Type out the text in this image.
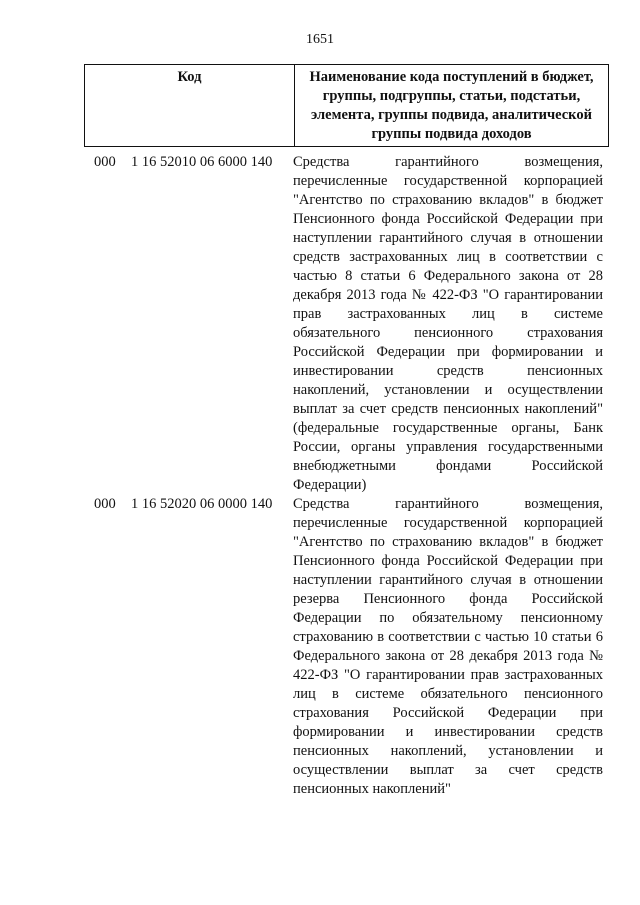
1651
Код	Наименование кода поступлений в бюджет, группы, подгруппы, статьи, подстатьи, элемента, группы подвида, аналитической группы подвида доходов
000 1 16 52010 06 6000 140 Средства гарантийного возмещения, перечисленные государственной корпорацией "Агентство по страхованию вкладов" в бюджет Пенсионного фонда Российской Федерации при наступлении гарантийного случая в отношении средств застрахованных лиц в соответствии с частью 8 статьи 6 Федерального закона от 28 декабря 2013 года № 422-ФЗ "О гарантировании прав застрахованных лиц в системе обязательного пенсионного страхования Российской Федерации при формировании и инвестировании средств пенсионных накоплений, установлении и осуществлении выплат за счет средств пенсионных накоплений" (федеральные государственные органы, Банк России, органы управления государственными внебюджетными фондами Российской Федерации)
000 1 16 52020 06 0000 140 Средства гарантийного возмещения, перечисленные государственной корпорацией "Агентство по страхованию вкладов" в бюджет Пенсионного фонда Российской Федерации при наступлении гарантийного случая в отношении резерва Пенсионного фонда Российской Федерации по обязательному пенсионному страхованию в соответствии с частью 10 статьи 6 Федерального закона от 28 декабря 2013 года № 422-ФЗ "О гарантировании прав застрахованных лиц в системе обязательного пенсионного страхования Российской Федерации при формировании и инвестировании средств пенсионных накоплений, установлении и осуществлении выплат за счет средств пенсионных накоплений"
